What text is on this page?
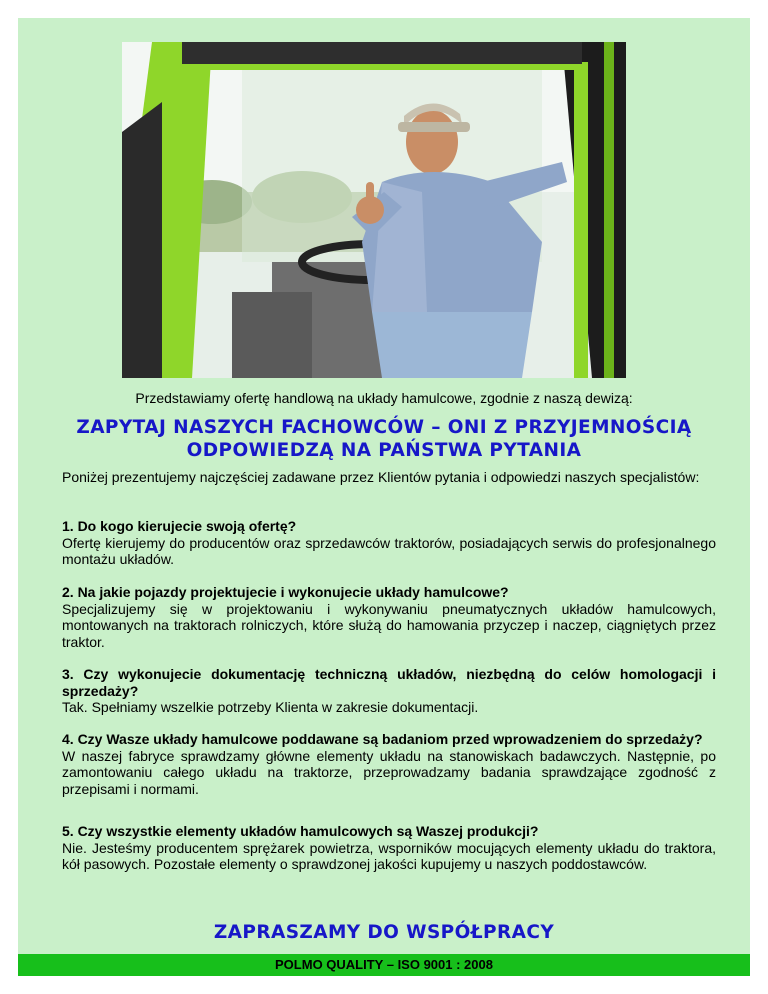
Przedstawiamy ofertę handlową na układy hamulcowe, zgodnie z naszą dewizą:
ZAPYTAJ NASZYCH FACHOWCÓW – ONI Z PRZYJEMNOŚCIĄ ODPOWIEDZĄ NA PAŃSTWA PYTANIA
Poniżej prezentujemy najczęściej zadawane przez Klientów pytania i odpowiedzi naszych specjalistów:
1. Do kogo kierujecie swoją ofertę?
Ofertę kierujemy do producentów oraz sprzedawców traktorów, posiadających serwis do profesjonalnego montażu układów.
2. Na jakie pojazdy projektujecie i wykonujecie układy hamulcowe?
Specjalizujemy się w projektowaniu i wykonywaniu pneumatycznych układów hamulcowych, montowanych na traktorach rolniczych, które służą do hamowania przyczep i naczep, ciągniętych przez traktor.
3. Czy wykonujecie dokumentację techniczną układów, niezbędną do celów homologacji i sprzedaży?
Tak. Spełniamy wszelkie potrzeby Klienta w zakresie dokumentacji.
4. Czy Wasze układy hamulcowe poddawane są badaniom przed wprowadzeniem do sprzedaży?
W naszej fabryce sprawdzamy główne elementy układu na stanowiskach badawczych. Następnie, po zamontowaniu całego układu na traktorze, przeprowadzamy badania sprawdzające zgodność z przepisami i normami.
5. Czy wszystkie elementy układów hamulcowych są Waszej produkcji?
Nie. Jesteśmy producentem sprężarek powietrza, wsporników mocujących elementy układu do traktora, kół pasowych. Pozostałe elementy o sprawdzonej jakości kupujemy u naszych poddostawców.
ZAPRASZAMY DO WSPÓŁPRACY
POLMO QUALITY – ISO 9001 : 2008
